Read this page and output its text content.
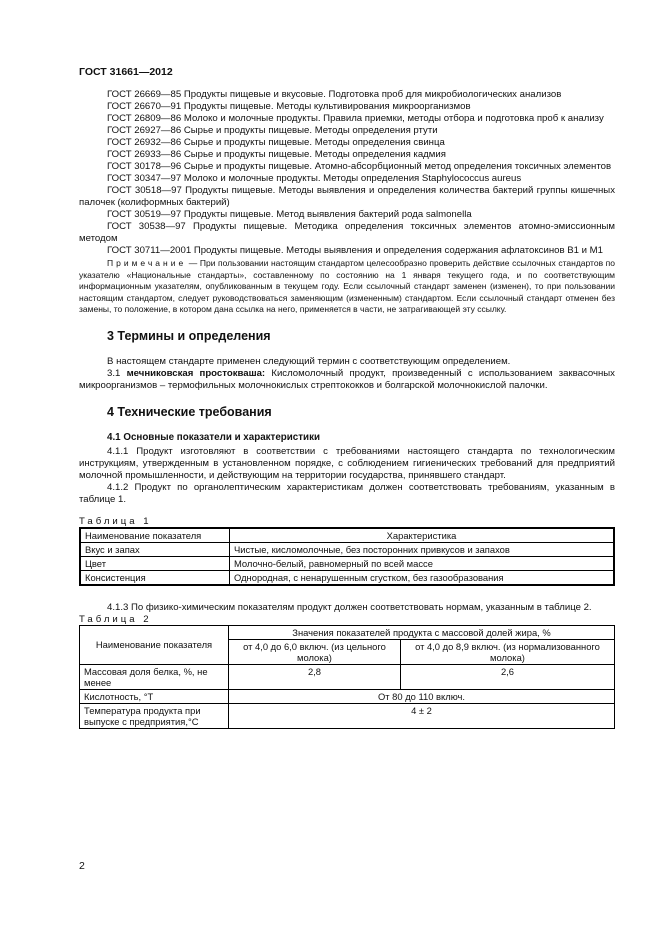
ГОСТ 31661—2012

ГОСТ 26669—85 Продукты пищевые и вкусовые. Подготовка проб для микробиологических анализов

ГОСТ 26670—91 Продукты пищевые. Методы культивирования микроорганизмов

ГОСТ 26809—86 Молоко и молочные продукты. Правила приемки, методы отбора и подготовка проб к анализу

ГОСТ 26927—86 Сырье и продукты пищевые. Методы определения ртути

ГОСТ 26932—86 Сырье и продукты пищевые. Методы определения свинца

ГОСТ 26933—86 Сырье и продукты пищевые. Методы определения кадмия

ГОСТ 30178—96 Сырье и продукты пищевые. Атомно-абсорбционный метод определения токсичных элементов

ГОСТ 30347—97 Молоко и молочные продукты. Методы определения Staphylococcus aureus

ГОСТ 30518—97 Продукты пищевые. Методы выявления и определения количества бактерий группы кишечных палочек (колиформных бактерий)

ГОСТ 30519—97 Продукты пищевые. Метод выявления бактерий рода salmonella

ГОСТ 30538—97 Продукты пищевые. Методика определения токсичных элементов атомно-эмиссионным методом

ГОСТ 30711—2001 Продукты пищевые. Методы выявления и определения содержания афлатоксинов B1 и M1

Примечание — При пользовании настоящим стандартом целесообразно проверить действие ссылочных стандартов по указателю «Национальные стандарты», составленному по состоянию на 1 января текущего года, и по соответствующим информационным указателям, опубликованным в текущем году. Если ссылочный стандарт заменен (изменен), то при пользовании настоящим стандартом, следует руководствоваться заменяющим (измененным) стандартом. Если ссылочный стандарт отменен без замены, то положение, в котором дана ссылка на него, применяется в части, не затрагивающей эту ссылку.

3 Термины и определения

В настоящем стандарте применен следующий термин с соответствующим определением.

3.1 мечниковская простокваша: Кисломолочный продукт, произведенный с использованием заквасочных микроорганизмов – термофильных молочнокислых стрептококков и болгарской молочнокислой палочки.

4 Технические требования
4.1 Основные показатели и характеристики

4.1.1 Продукт изготовляют в соответствии с требованиями настоящего стандарта по технологическим инструкциям, утвержденным в установленном порядке, с соблюдением гигиенических требований для предприятий молочной промышленности, и действующим на территории государства, принявшего стандарт.

4.1.2 Продукт по органолептическим характеристикам должен соответствовать требованиям, указанным в таблице 1.

Таблица 1
Наименование показателя	Характеристика
Вкус и запах	Чистые, кисломолочные, без посторонних привкусов и запахов
Цвет	Молочно-белый, равномерный по всей массе
Консистенция	Однородная, с ненарушенным сгустком, без газообразования

4.1.3 По физико-химическим показателям продукт должен соответствовать нормам, указанным в таблице 2.

Таблица 2
Наименование показателя	Значения показателей продукта с массовой долей жира, %	
	от 4,0 до 6,0 включ. (из цельного молока)	от 4,0 до 8,9 включ. (из нормализованного молока)
Массовая доля белка, %, не менее	2,8	2,6
Кислотность, °Т	От 80 до 110 включ.	
Температура продукта при выпуске с предприятия,°С	4 ± 2	
2
